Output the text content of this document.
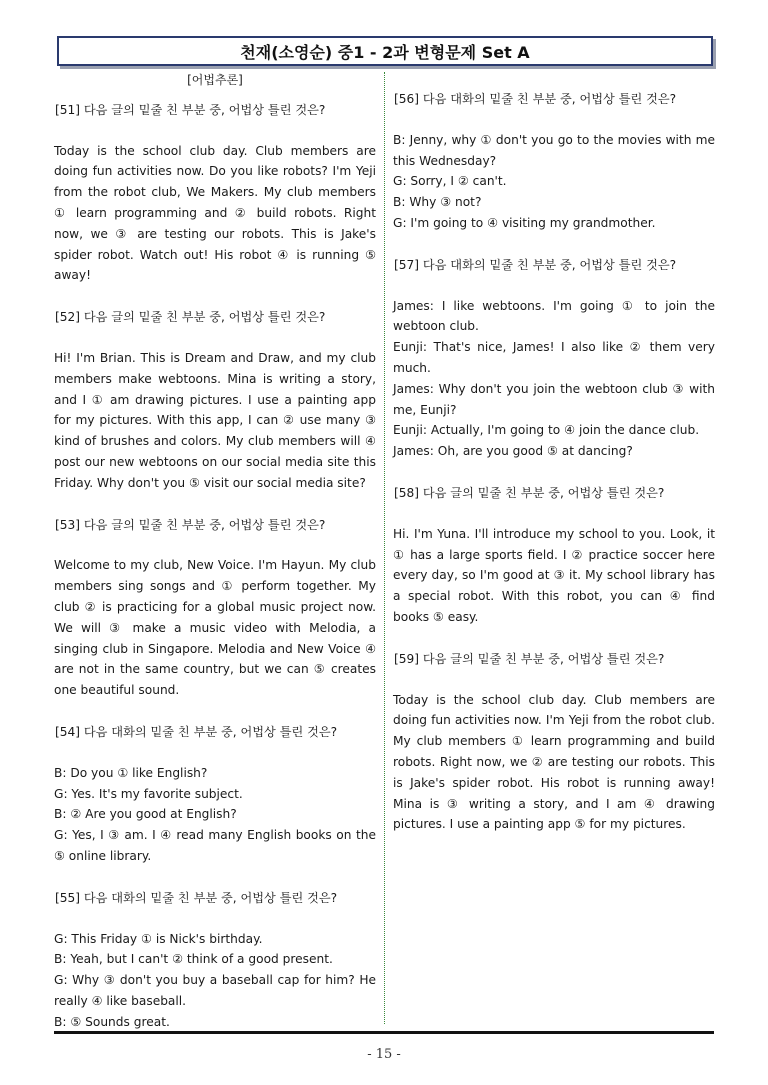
천재(소영순) 중1 - 2과 변형문제 Set A
[어법추론]
[51] 다음 글의 밑줄 친 부분 중, 어법상 틀린 것은?
Today is the school club day. Club members are doing fun activities now. Do you like robots? I'm Yeji from the robot club, We Makers. My club members ① learn programming and ② build robots. Right now, we ③ are testing our robots. This is Jake's spider robot. Watch out! His robot ④ is running ⑤ away!
[52] 다음 글의 밑줄 친 부분 중, 어법상 틀린 것은?
Hi! I'm Brian. This is Dream and Draw, and my club members make webtoons. Mina is writing a story, and I ① am drawing pictures. I use a painting app for my pictures. With this app, I can ② use many ③ kind of brushes and colors. My club members will ④ post our new webtoons on our social media site this Friday. Why don't you ⑤ visit our social media site?
[53] 다음 글의 밑줄 친 부분 중, 어법상 틀린 것은?
Welcome to my club, New Voice. I'm Hayun. My club members sing songs and ① perform together. My club ② is practicing for a global music project now. We will ③ make a music video with Melodia, a singing club in Singapore. Melodia and New Voice ④ are not in the same country, but we can ⑤ creates one beautiful sound.
[54] 다음 대화의 밑줄 친 부분 중, 어법상 틀린 것은?
B: Do you ① like English?
G: Yes. It's my favorite subject.
B: ② Are you good at English?
G: Yes, I ③ am. I ④ read many English books on the ⑤ online library.
[55] 다음 대화의 밑줄 친 부분 중, 어법상 틀린 것은?
G: This Friday ① is Nick's birthday.
B: Yeah, but I can't ② think of a good present.
G: Why ③ don't you buy a baseball cap for him? He really ④ like baseball.
B: ⑤ Sounds great.
[56] 다음 대화의 밑줄 친 부분 중, 어법상 틀린 것은?
B: Jenny, why ① don't you go to the movies with me this Wednesday?
G: Sorry, I ② can't.
B: Why ③ not?
G: I'm going to ④ visiting my grandmother.
[57] 다음 대화의 밑줄 친 부분 중, 어법상 틀린 것은?
James: I like webtoons. I'm going ① to join the webtoon club.
Eunji: That's nice, James! I also like ② them very much.
James: Why don't you join the webtoon club ③ with me, Eunji?
Eunji: Actually, I'm going to ④ join the dance club.
James: Oh, are you good ⑤ at dancing?
[58] 다음 글의 밑줄 친 부분 중, 어법상 틀린 것은?
Hi. I'm Yuna. I'll introduce my school to you. Look, it ① has a large sports field. I ② practice soccer here every day, so I'm good at ③ it. My school library has a special robot. With this robot, you can ④ find books ⑤ easy.
[59] 다음 글의 밑줄 친 부분 중, 어법상 틀린 것은?
Today is the school club day. Club members are doing fun activities now. I'm Yeji from the robot club. My club members ① learn programming and build robots. Right now, we ② are testing our robots. This is Jake's spider robot. His robot is running away! Mina is ③ writing a story, and I am ④ drawing pictures. I use a painting app ⑤ for my pictures.
- 15 -
